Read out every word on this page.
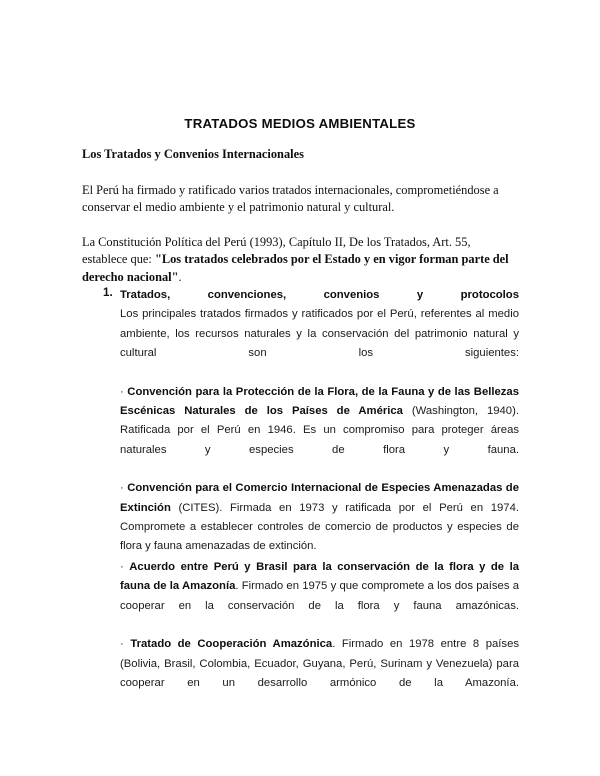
TRATADOS MEDIOS AMBIENTALES

Los Tratados y Convenios Internacionales

El Perú ha firmado y ratificado varios tratados internacionales, comprometiéndose a conservar el medio ambiente y el patrimonio natural y cultural.

La Constitución Política del Perú (1993), Capítulo II, De los Tratados, Art. 55, establece que: "Los tratados celebrados por el Estado y en vigor forman parte del derecho nacional".

1. Tratados, convenciones, convenios y protocolos

Los principales tratados firmados y ratificados por el Perú, referentes al medio ambiente, los recursos naturales y la conservación del patrimonio natural y cultural son los siguientes:

· Convención para la Protección de la Flora, de la Fauna y de las Bellezas Escénicas Naturales de los Países de América (Washington, 1940). Ratificada por el Perú en 1946. Es un compromiso para proteger áreas naturales y especies de flora y fauna.

· Convención para el Comercio Internacional de Especies Amenazadas de Extinción (CITES). Firmada en 1973 y ratificada por el Perú en 1974. Compromete a establecer controles de comercio de productos y especies de flora y fauna amenazadas de extinción.

· Acuerdo entre Perú y Brasil para la conservación de la flora y de la fauna de la Amazonía. Firmado en 1975 y que compromete a los dos países a cooperar en la conservación de la flora y fauna amazónicas.

· Tratado de Cooperación Amazónica. Firmado en 1978 entre 8 países (Bolivia, Brasil, Colombia, Ecuador, Guyana, Perú, Surinam y Venezuela) para cooperar en un desarrollo armónico de la Amazonía.
